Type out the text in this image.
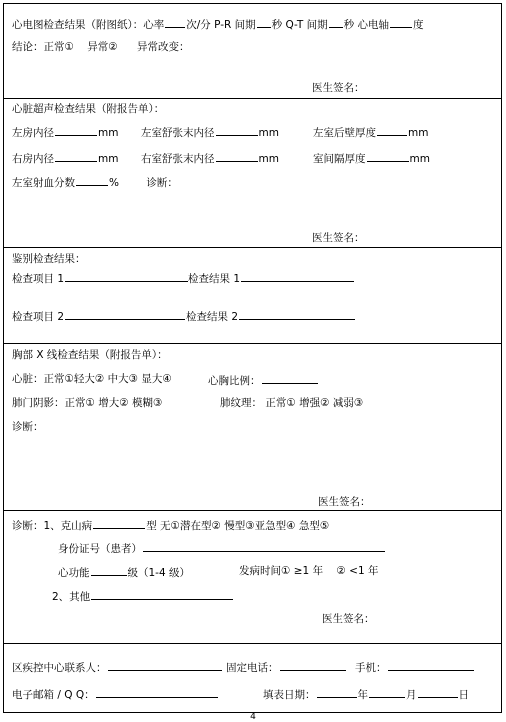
心电图检查结果（附图纸）：心率 次/分 P-R 间期 秒 Q-T 间期 秒 心电轴 度
结论：正常① 异常② 异常改变：
医生签名：
心脏超声检查结果（附报告单）：
左房内径	mm 左室舒张末内径	mm	左室后壁厚度	mm
右房内径	mm 右室舒张末内径	mm	室间隔厚度	mm
左室射血分数	%	诊断：
医生签名：
鉴别检查结果：
检查项目 1	检查结果 1
检查项目 2	检查结果 2
胸部 X 线检查结果（附报告单）：
心脏：正常①轻大② 中大③ 显大④	心胸比例：
肺门阴影：正常① 增大② 模糊③	肺纹理： 正常① 增强② 减弱③
诊断：
医生签名：
诊断：1、克山病	型 无①潜在型② 慢型③亚急型④ 急型⑤
身份证号（患者）
心功能	级（1-4 级）	发病时间① ≥1 年 ② <1 年
2、其他
医生签名：
区疾控中心联系人：	固定电话：	手机：
电子邮箱 / Q Q：	填表日期：	年	月	日
4
